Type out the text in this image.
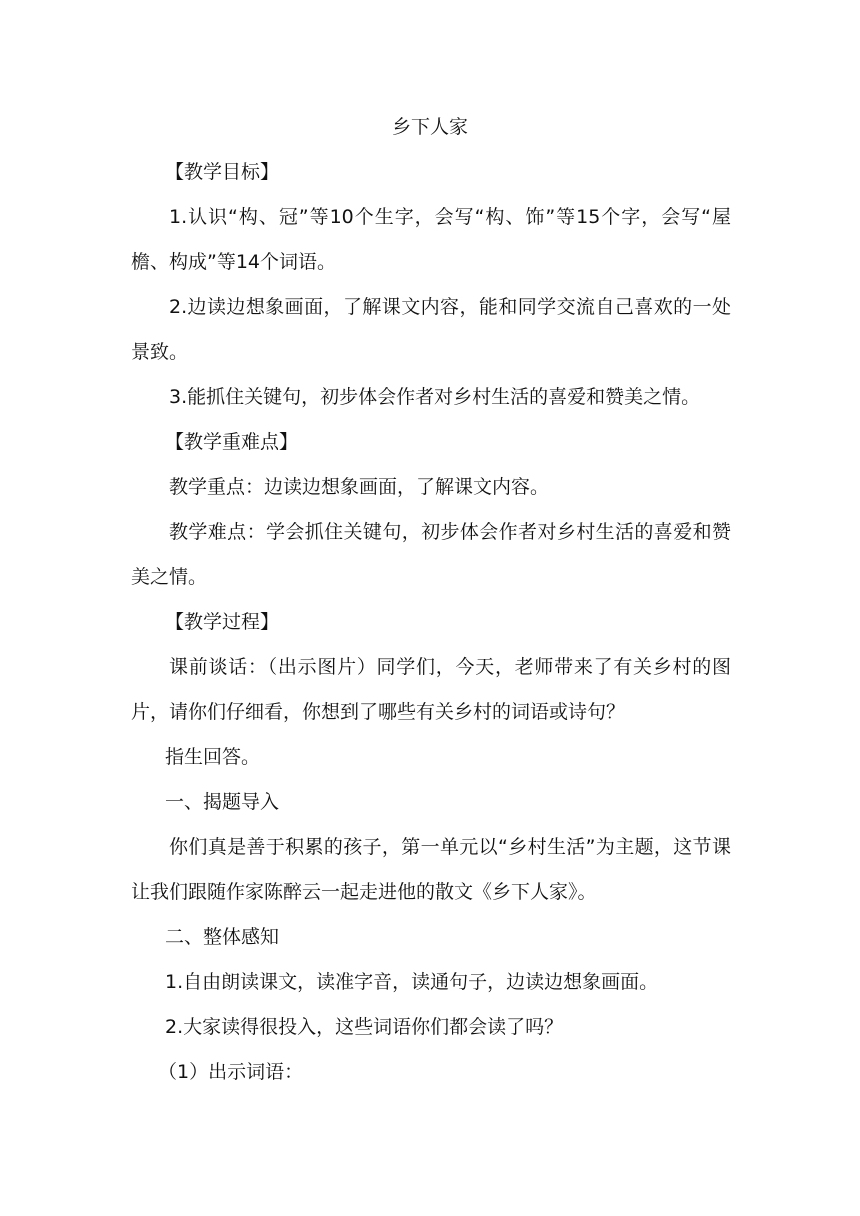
乡下人家
【教学目标】

1.认识“构、冠”等10个生字，会写“构、饰”等15个字，会写“屋檐、构成”等14个词语。

2.边读边想象画面，了解课文内容，能和同学交流自己喜欢的一处景致。

3.能抓住关键句，初步体会作者对乡村生活的喜爱和赞美之情。

【教学重难点】

教学重点：边读边想象画面，了解课文内容。

教学难点：学会抓住关键句，初步体会作者对乡村生活的喜爱和赞美之情。

【教学过程】

课前谈话：（出示图片）同学们，今天，老师带来了有关乡村的图片，请你们仔细看，你想到了哪些有关乡村的词语或诗句？

指生回答。
一、揭题导入

你们真是善于积累的孩子，第一单元以“乡村生活”为主题，这节课让我们跟随作家陈醉云一起走进他的散文《乡下人家》。

二、整体感知
1.自由朗读课文，读准字音，读通句子，边读边想象画面。
2.大家读得很投入，这些词语你们都会读了吗？
（1）出示词语：
